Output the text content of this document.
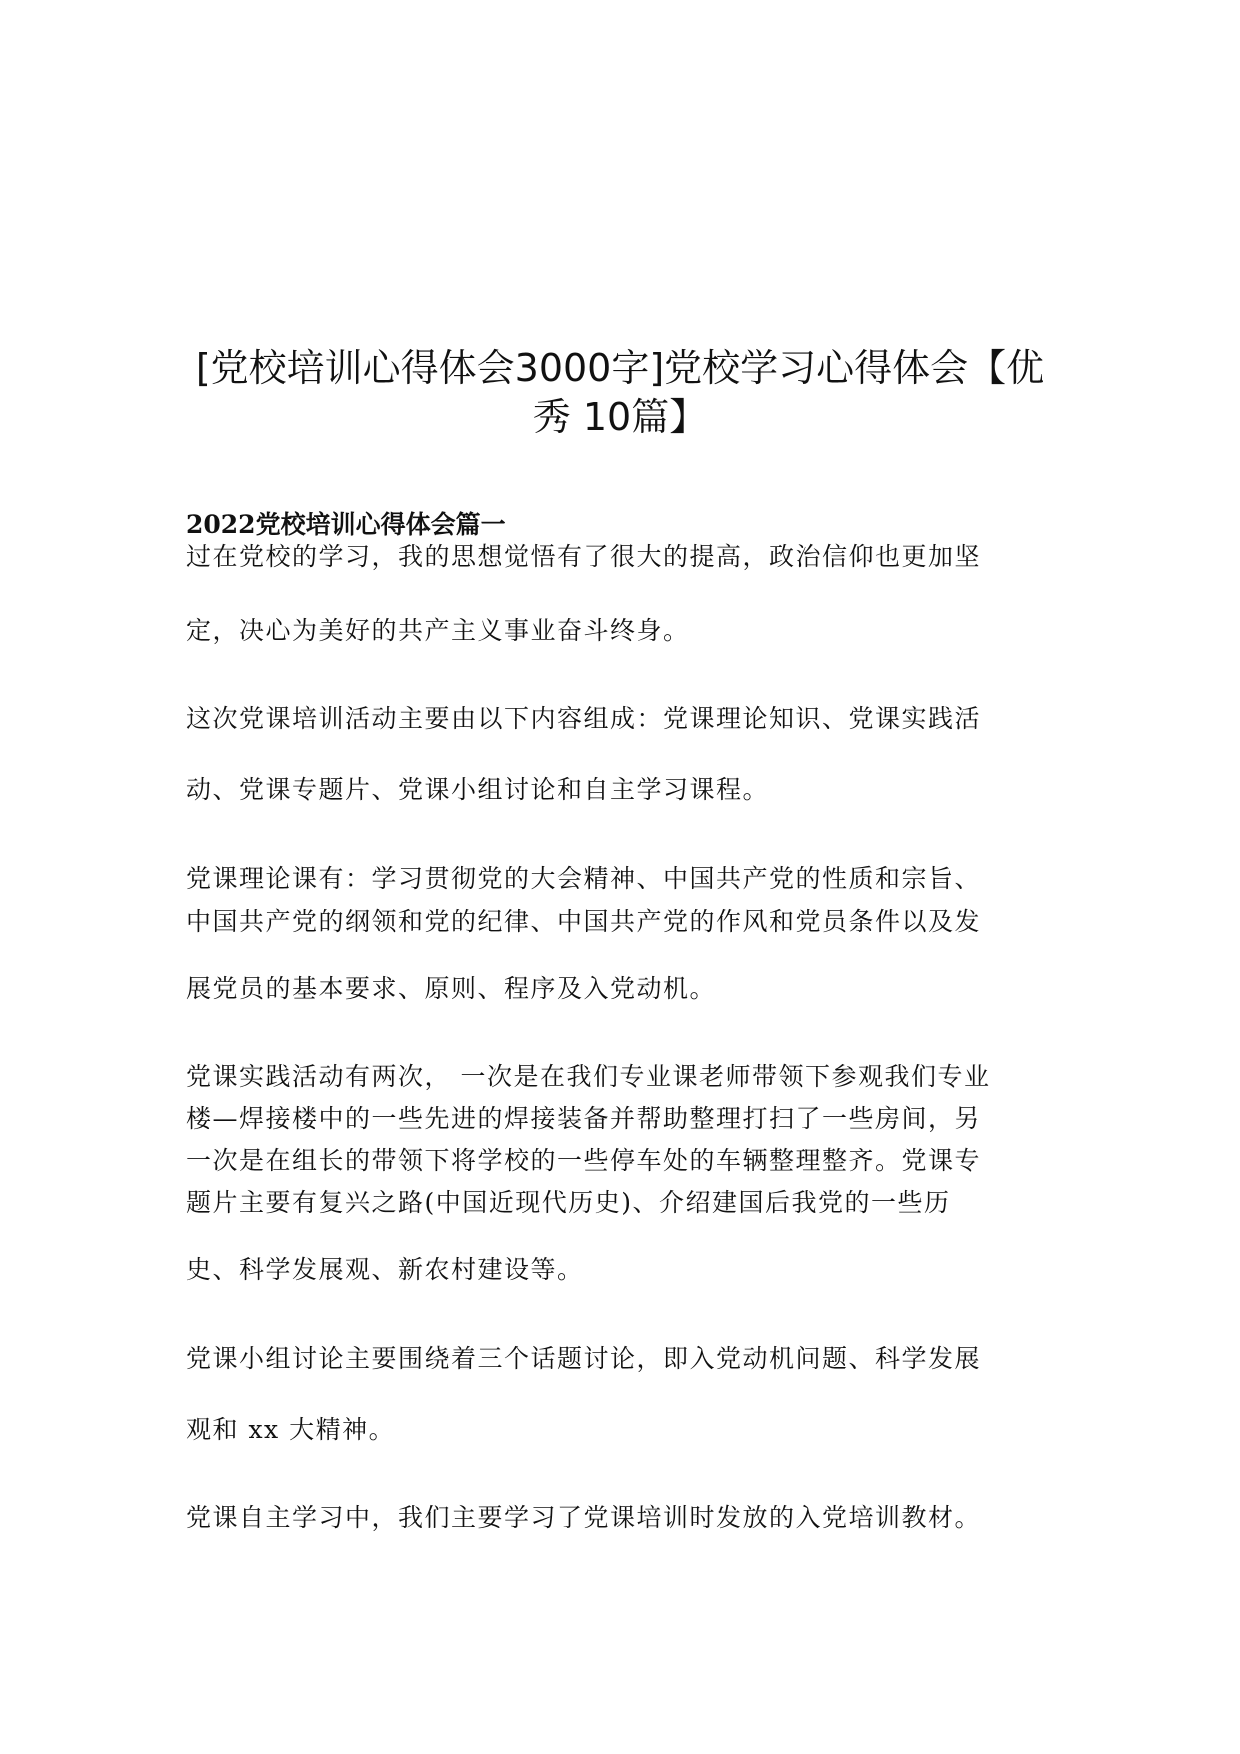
[党校培训心得体会3000字]党校学习心得体会【优
秀 10篇】
2022党校培训心得体会篇一

过在党校的学习，我的思想觉悟有了很大的提高，政治信仰也更加坚

定，决心为美好的共产主义事业奋斗终身。

这次党课培训活动主要由以下内容组成：党课理论知识、党课实践活

动、党课专题片、党课小组讨论和自主学习课程。

党课理论课有：学习贯彻党的大会精神、中国共产党的性质和宗旨、

中国共产党的纲领和党的纪律、中国共产党的作风和党员条件以及发

展党员的基本要求、原则、程序及入党动机。

党课实践活动有两次， 一次是在我们专业课老师带领下参观我们专业

楼—焊接楼中的一些先进的焊接装备并帮助整理打扫了一些房间，另

一次是在组长的带领下将学校的一些停车处的车辆整理整齐。党课专

题片主要有复兴之路(中国近现代历史)、介绍建国后我党的一些历

史、科学发展观、新农村建设等。

党课小组讨论主要围绕着三个话题讨论，即入党动机问题、科学发展

观和 xx 大精神。

党课自主学习中，我们主要学习了党课培训时发放的入党培训教材。
